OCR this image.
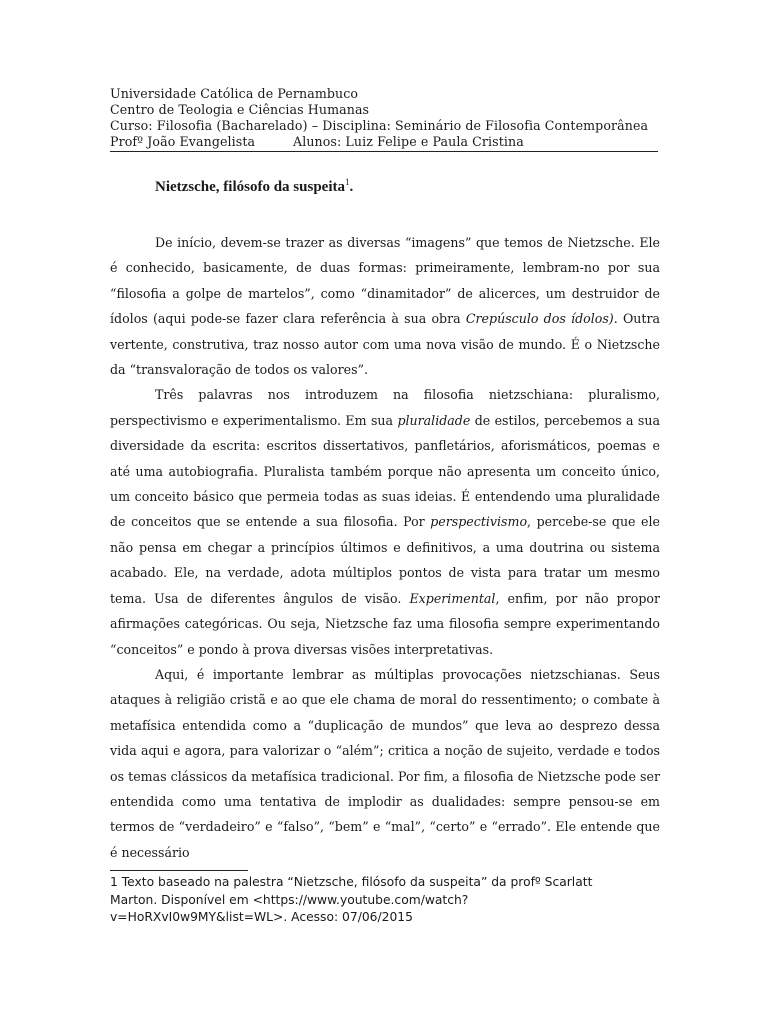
Universidade Católica de Pernambuco
Centro de Teologia e Ciências Humanas
Curso: Filosofia (Bacharelado) – Disciplina: Seminário de Filosofia Contemporânea
Profº João Evangelista	Alunos: Luiz Felipe e Paula Cristina
Nietzsche, filósofo da suspeita$^1$.

De início, devem-se trazer as diversas “imagens” que temos de Nietzsche. Ele é conhecido, basicamente, de duas formas: primeiramente, lembram-no por sua “filosofia a golpe de martelos”, como “dinamitador” de alicerces, um destruidor de ídolos (aqui pode-se fazer clara referência à sua obra Crepúsculo dos ídolos). Outra vertente, construtiva, traz nosso autor com uma nova visão de mundo. É o Nietzsche da “transvaloração de todos os valores”.

Três palavras nos introduzem na filosofia nietzschiana: pluralismo, perspectivismo e experimentalismo. Em sua pluralidade de estilos, percebemos a sua diversidade da escrita: escritos dissertativos, panfletários, aforismáticos, poemas e até uma autobiografia. Pluralista também porque não apresenta um conceito único, um conceito básico que permeia todas as suas ideias. É entendendo uma pluralidade de conceitos que se entende a sua filosofia. Por perspectivismo, percebe-se que ele não pensa em chegar a princípios últimos e definitivos, a uma doutrina ou sistema acabado. Ele, na verdade, adota múltiplos pontos de vista para tratar um mesmo tema. Usa de diferentes ângulos de visão. Experimental, enfim, por não propor afirmações categóricas. Ou seja, Nietzsche faz uma filosofia sempre experimentando “conceitos” e pondo à prova diversas visões interpretativas.

Aqui, é importante lembrar as múltiplas provocações nietzschianas. Seus ataques à religião cristã e ao que ele chama de moral do ressentimento; o combate à metafísica entendida como a “duplicação de mundos” que leva ao desprezo dessa vida aqui e agora, para valorizar o “além”; critica a noção de sujeito, verdade e todos os temas clássicos da metafísica tradicional. Por fim, a filosofia de Nietzsche pode ser entendida como uma tentativa de implodir as dualidades: sempre pensou-se em termos de “verdadeiro” e “falso”, “bem” e “mal”, “certo” e “errado”. Ele entende que é necessário

1 Texto baseado na palestra “Nietzsche, filósofo da suspeita” da profº Scarlatt Marton. Disponível em <https://www.youtube.com/watch?v=HoRXvI0w9MY&list=WL>. Acesso: 07/06/2015
